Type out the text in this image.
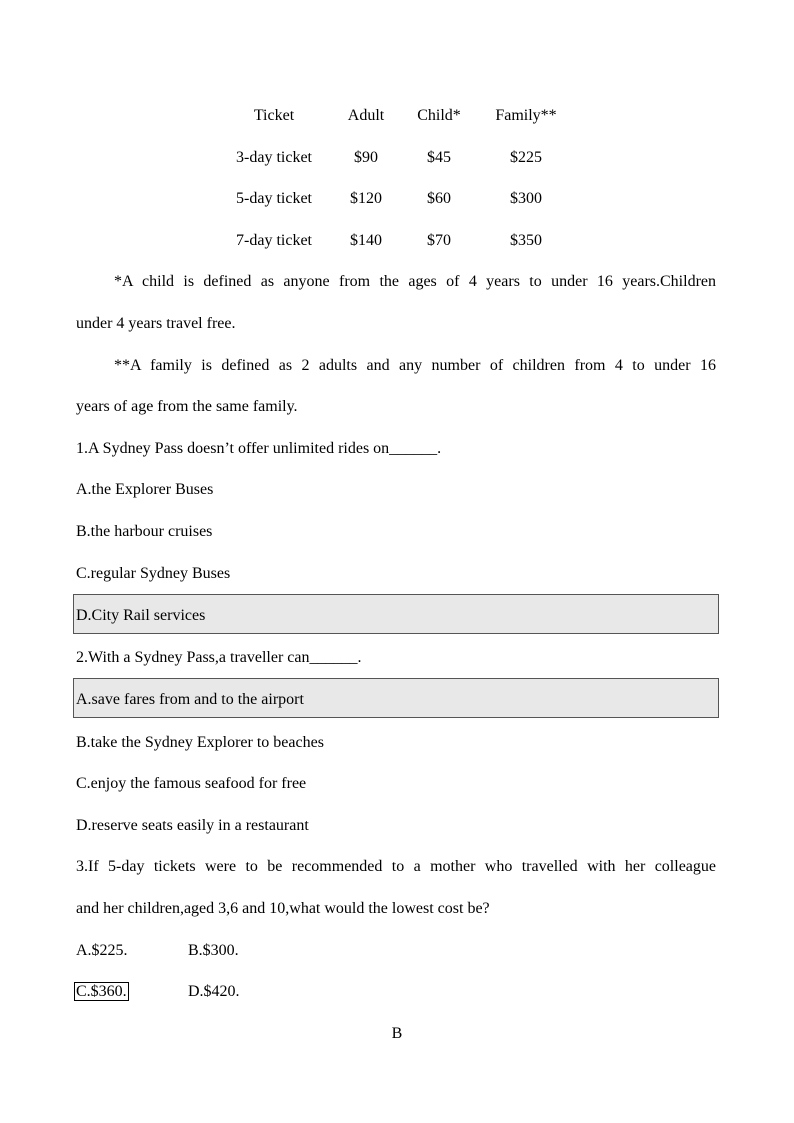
Ticket	Adult	Child*	Family**
3-day ticket	$90	$45	$225
5-day ticket	$120	$60	$300
7-day ticket	$140	$70	$350
*A child is defined as anyone from the ages of 4 years to under 16 years.Children
under 4 years travel free.
**A family is defined as 2 adults and any number of children from 4 to under 16
years of age from the same family.
1.A Sydney Pass doesn’t offer unlimited rides on______.
A.the Explorer Buses
B.the harbour cruises
C.regular Sydney Buses
D.City Rail services
2.With a Sydney Pass,a traveller can______.
A.save fares from and to the airport
B.take the Sydney Explorer to beaches
C.enjoy the famous seafood for free
D.reserve seats easily in a restaurant
3.If 5-day tickets were to be recommended to a mother who travelled with her colleague
and her children,aged 3,6 and 10,what would the lowest cost be?
A.$225.	B.$300.
C.$360.	D.$420.
B
